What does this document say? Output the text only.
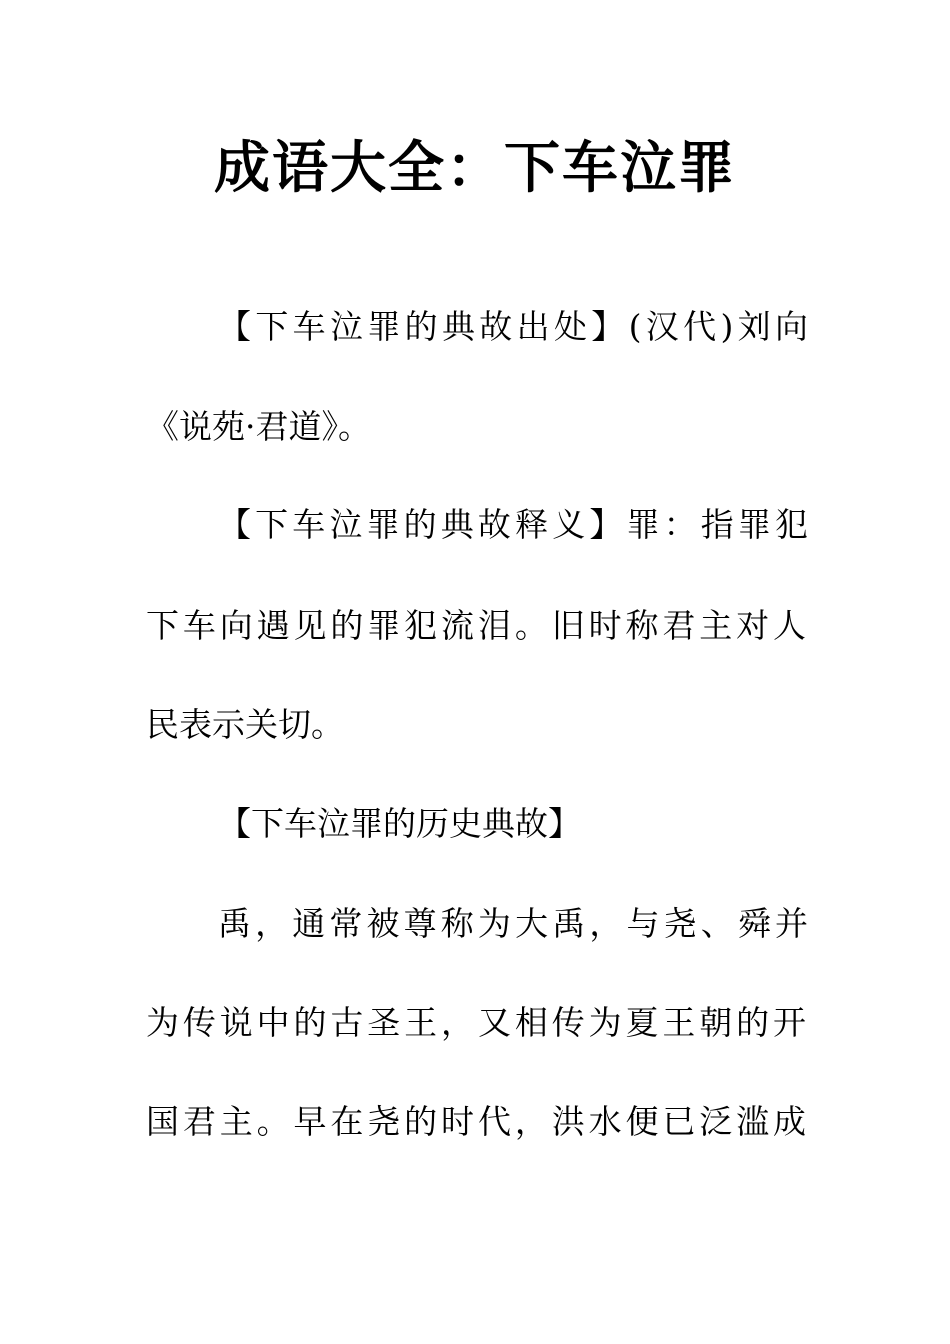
成语大全：下车泣罪

【下车泣罪的典故出处】(汉代)刘向

《说苑·君道》。

【下车泣罪的典故释义】罪：指罪犯

下车向遇见的罪犯流泪。旧时称君主对人

民表示关切。

【下车泣罪的历史典故】

禹，通常被尊称为大禹，与尧、舜并

为传说中的古圣王，又相传为夏王朝的开

国君主。早在尧的时代，洪水便已泛滥成
